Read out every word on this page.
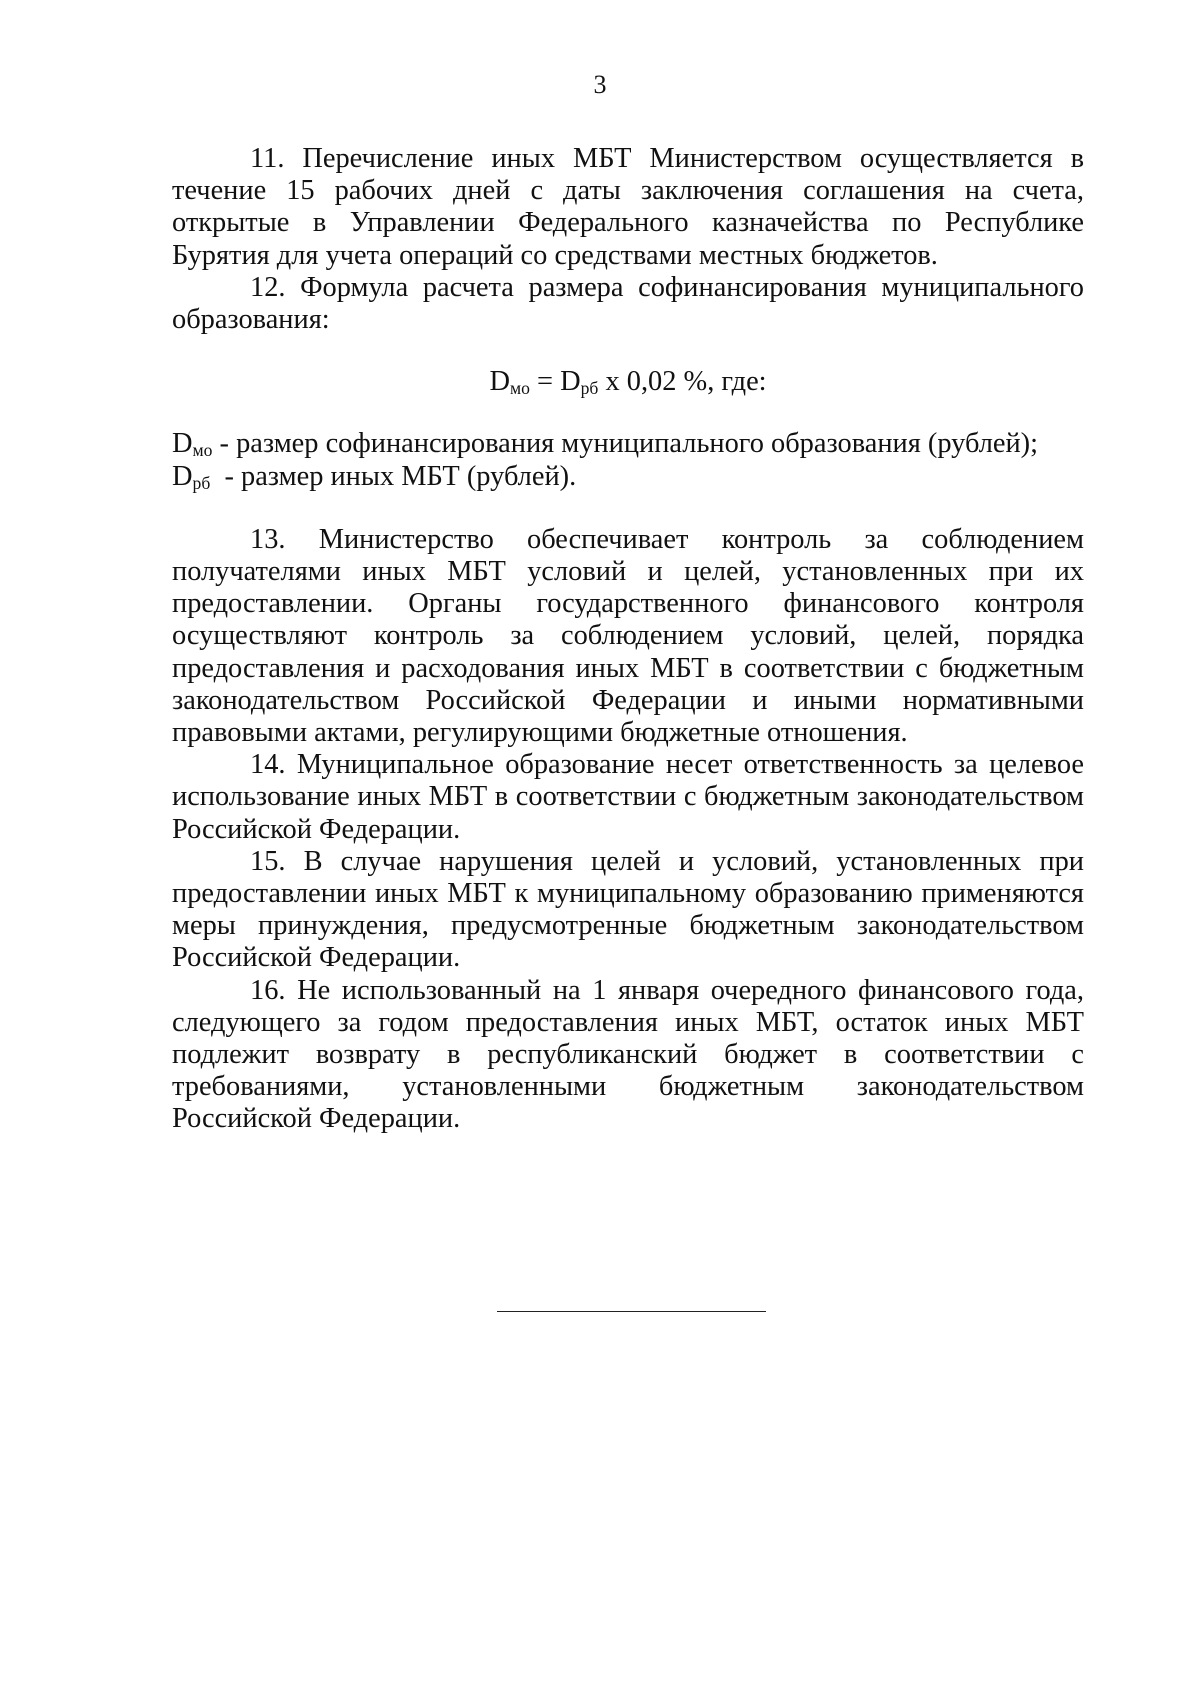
3

11. Перечисление иных МБТ Министерством осуществляется в течение 15 рабочих дней с даты заключения соглашения на счета, открытые в Управлении Федерального казначейства по Республике Бурятия для учета операций со средствами местных бюджетов.

12. Формула расчета размера софинансирования муниципального образования:

$D_{мо} = D_{рб}$ х 0,02 %, где:

$D_{мо}$ - размер софинансирования муниципального образования (рублей);

$D_{рб}$  - размер иных МБТ (рублей).

13. Министерство обеспечивает контроль за соблюдением получателями иных МБТ условий и целей, установленных при их предоставлении. Органы государственного финансового контроля осуществляют контроль за соблюдением условий, целей, порядка предоставления и расходования иных МБТ в соответствии с бюджетным законодательством Российской Федерации и иными нормативными правовыми актами, регулирующими бюджетные отношения.

14. Муниципальное образование несет ответственность за целевое использование иных МБТ в соответствии с бюджетным законодательством Российской Федерации.

15. В случае нарушения целей и условий, установленных при предоставлении иных МБТ к муниципальному образованию применяются меры принуждения, предусмотренные бюджетным законодательством Российской Федерации.

16. Не использованный на 1 января очередного финансового года, следующего за годом предоставления иных МБТ, остаток иных МБТ подлежит возврату в республиканский бюджет в соответствии с требованиями, установленными бюджетным законодательством Российской Федерации.
